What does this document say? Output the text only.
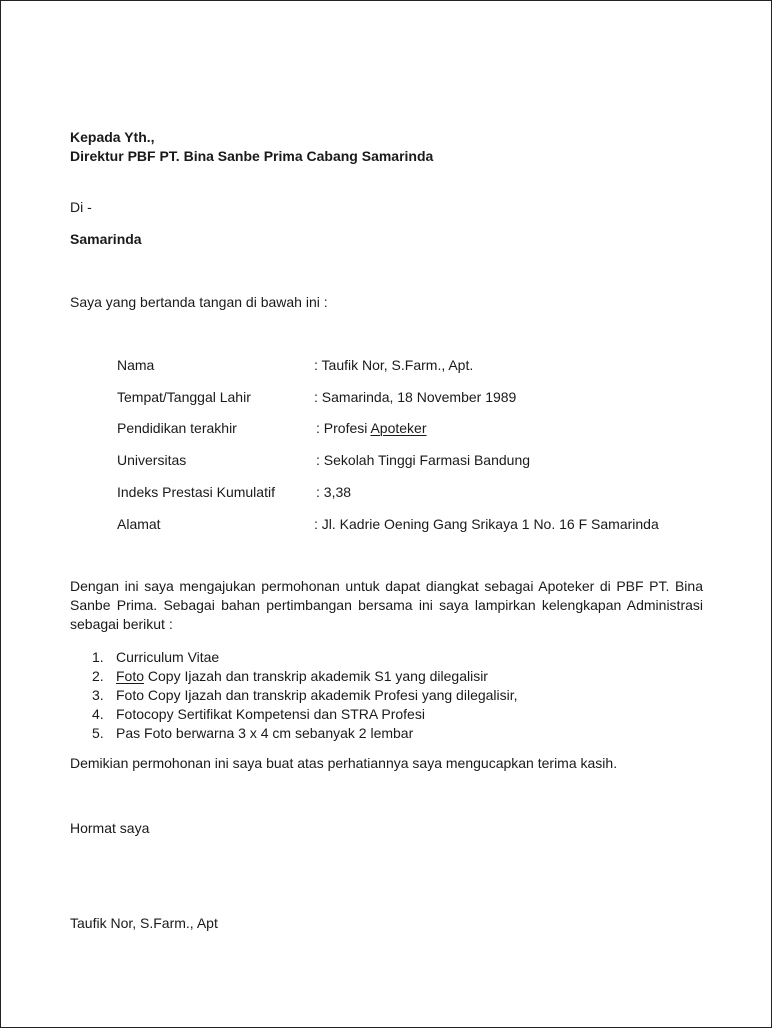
Kepada Yth.,
Direktur PBF PT. Bina Sanbe Prima Cabang Samarinda
Di -
Samarinda
Saya yang bertanda tangan di bawah ini :
Nama	: Taufik Nor, S.Farm., Apt.
Tempat/Tanggal Lahir	: Samarinda, 18 November 1989
Pendidikan terakhir	: Profesi Apoteker
Universitas	: Sekolah Tinggi Farmasi Bandung
Indeks Prestasi Kumulatif	: 3,38
Alamat	: Jl. Kadrie Oening Gang Srikaya 1 No. 16 F Samarinda
Dengan ini saya mengajukan permohonan untuk dapat diangkat sebagai Apoteker di PBF PT. Bina Sanbe Prima. Sebagai bahan pertimbangan bersama ini saya lampirkan kelengkapan Administrasi sebagai berikut :
1. Curriculum Vitae
2. Foto Copy Ijazah dan transkrip akademik S1 yang dilegalisir
3. Foto Copy Ijazah dan transkrip akademik Profesi yang dilegalisir,
4. Fotocopy Sertifikat Kompetensi dan STRA Profesi
5. Pas Foto berwarna 3 x 4 cm sebanyak 2 lembar
Demikian permohonan ini saya buat atas perhatiannya saya mengucapkan terima kasih.
Hormat saya
Taufik Nor, S.Farm., Apt
